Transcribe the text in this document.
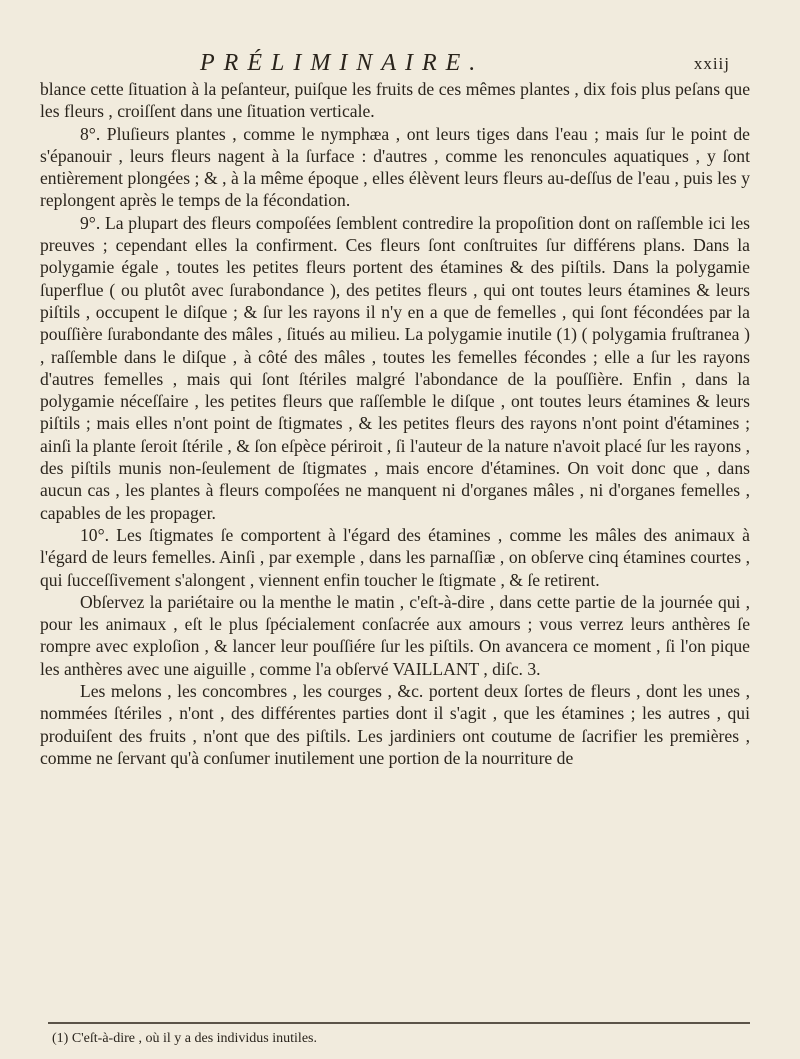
PRÉLIMINAIRE.	xxiij

blance cette ſituation à la peſanteur, puiſque les fruits de ces mêmes plantes , dix fois plus peſans que les fleurs , croiſſent dans une ſituation verticale.

8°. Pluſieurs plantes , comme le nymphæa , ont leurs tiges dans l'eau ; mais ſur le point de s'épanouir , leurs fleurs nagent à la ſurface : d'autres , comme les renoncules aquatiques , y ſont entièrement plongées ; & , à la même époque , elles élèvent leurs fleurs au-deſſus de l'eau , puis les y replongent après le temps de la fécondation.

9°. La plupart des fleurs compoſées ſemblent contredire la propoſition dont on raſſemble ici les preuves ; cependant elles la confirment. Ces fleurs ſont conſtruites ſur différens plans. Dans la polygamie égale , toutes les petites fleurs portent des étamines & des piſtils. Dans la polygamie ſuperflue ( ou plutôt avec ſurabondance ), des petites fleurs , qui ont toutes leurs étamines & leurs piſtils , occupent le diſque ; & ſur les rayons il n'y en a que de femelles , qui ſont fécondées par la pouſſière ſurabondante des mâles , ſitués au milieu. La polygamie inutile (1) ( polygamia fruſtranea ) , raſſemble dans le diſque , à côté des mâles , toutes les femelles fécondes ; elle a ſur les rayons d'autres femelles , mais qui ſont ſtériles malgré l'abondance de la pouſſière. Enfin , dans la polygamie néceſſaire , les petites fleurs que raſſemble le diſque , ont toutes leurs étamines & leurs piſtils ; mais elles n'ont point de ſtigmates , & les petites fleurs des rayons n'ont point d'étamines ; ainſi la plante ſeroit ſtérile , & ſon eſpèce périroit , ſi l'auteur de la nature n'avoit placé ſur les rayons , des piſtils munis non-ſeulement de ſtigmates , mais encore d'étamines. On voit donc que , dans aucun cas , les plantes à fleurs compoſées ne manquent ni d'organes mâles , ni d'organes femelles , capables de les propager.

10°. Les ſtigmates ſe comportent à l'égard des étamines , comme les mâles des animaux à l'égard de leurs femelles. Ainſi , par exemple , dans les parnaſſiæ , on obſerve cinq étamines courtes , qui ſucceſſivement s'alongent , viennent enfin toucher le ſtigmate , & ſe retirent.

Obſervez la pariétaire ou la menthe le matin , c'eſt-à-dire , dans cette partie de la journée qui , pour les animaux , eſt le plus ſpécialement conſacrée aux amours ; vous verrez leurs anthères ſe rompre avec exploſion , & lancer leur pouſſiére ſur les piſtils. On avancera ce moment , ſi l'on pique les anthères avec une aiguille , comme l'a obſervé VAILLANT , diſc. 3.

Les melons , les concombres , les courges , &c. portent deux ſortes de fleurs , dont les unes , nommées ſtériles , n'ont , des différentes parties dont il s'agit , que les étamines ; les autres , qui produiſent des fruits , n'ont que des piſtils. Les jardiniers ont coutume de ſacrifier les premières , comme ne ſervant qu'à conſumer inutilement une portion de la nourriture de

(1) C'eſt-à-dire , où il y a des individus inutiles.
